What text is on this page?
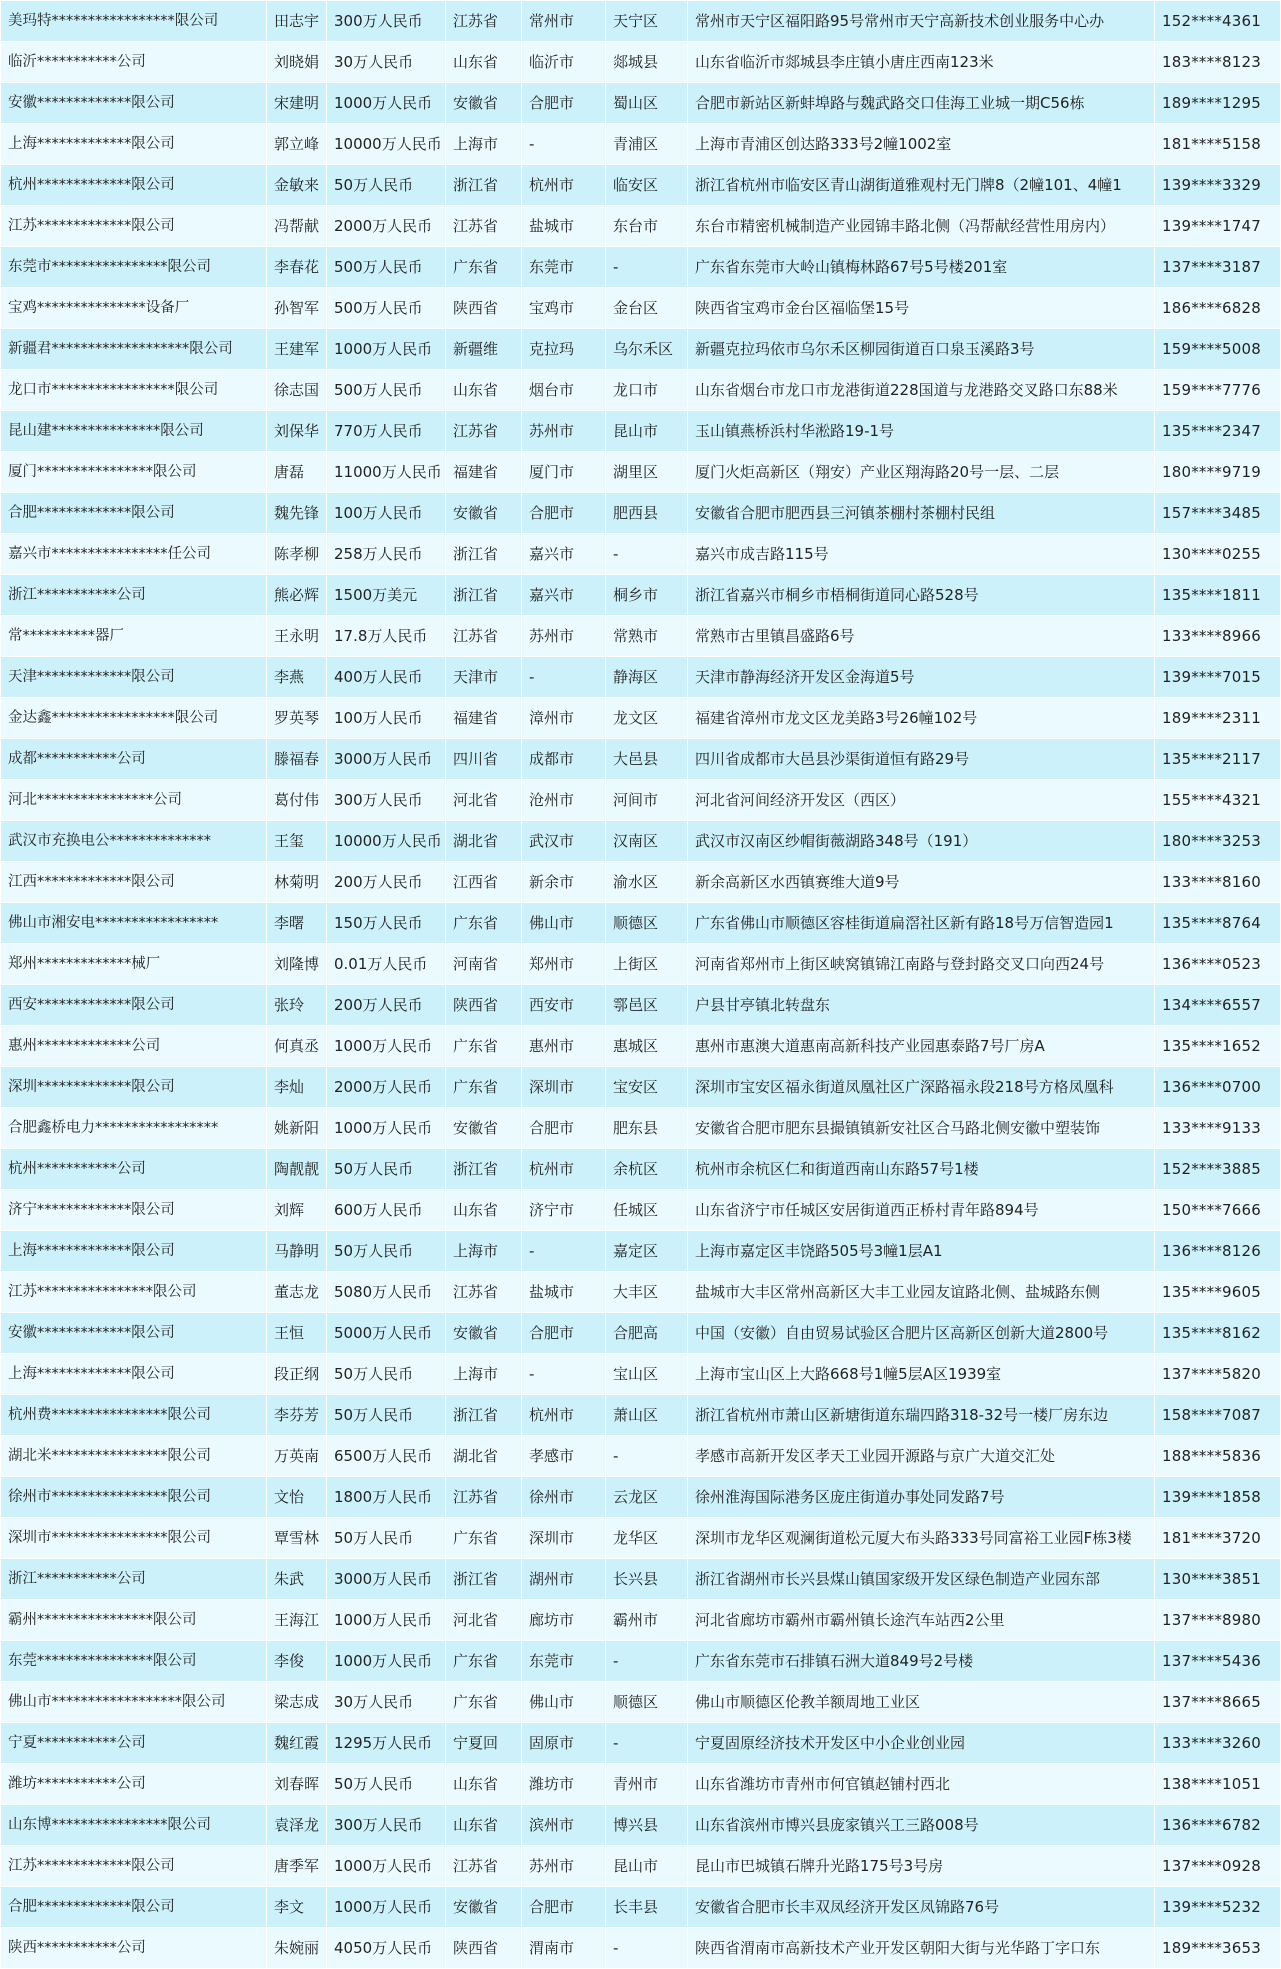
美玛特*****************限公司	田志宇	300万人民币	江苏省	常州市	天宁区	常州市天宁区福阳路95号常州市天宁高新技术创业服务中心办	152****4361
临沂***********公司	刘晓娟	30万人民币	山东省	临沂市	郯城县	山东省临沂市郯城县李庄镇小唐庄西南123米	183****8123
安徽*************限公司	宋建明	1000万人民币	安徽省	合肥市	蜀山区	合肥市新站区新蚌埠路与魏武路交口佳海工业城一期C56栋	189****1295
上海*************限公司	郭立峰	10000万人民币	上海市	-	青浦区	上海市青浦区创达路333号2幢1002室	181****5158
杭州*************限公司	金敏来	50万人民币	浙江省	杭州市	临安区	浙江省杭州市临安区青山湖街道雅观村无门牌8（2幢101、4幢1	139****3329
江苏*************限公司	冯帮献	2000万人民币	江苏省	盐城市	东台市	东台市精密机械制造产业园锦丰路北侧（冯帮献经营性用房内）	139****1747
东莞市****************限公司	李春花	500万人民币	广东省	东莞市	-	广东省东莞市大岭山镇梅林路67号5号楼201室	137****3187
宝鸡***************设备厂	孙智军	500万人民币	陕西省	宝鸡市	金台区	陕西省宝鸡市金台区福临堡15号	186****6828
新疆君*******************限公司	王建军	1000万人民币	新疆维	克拉玛	乌尔禾区	新疆克拉玛依市乌尔禾区柳园街道百口泉玉溪路3号	159****5008
龙口市*****************限公司	徐志国	500万人民币	山东省	烟台市	龙口市	山东省烟台市龙口市龙港街道228国道与龙港路交叉路口东88米	159****7776
昆山建***************限公司	刘保华	770万人民币	江苏省	苏州市	昆山市	玉山镇燕桥浜村华淞路19-1号	135****2347
厦门****************限公司	唐磊	11000万人民币	福建省	厦门市	湖里区	厦门火炬高新区（翔安）产业区翔海路20号一层、二层	180****9719
合肥*************限公司	魏先锋	100万人民币	安徽省	合肥市	肥西县	安徽省合肥市肥西县三河镇茶棚村茶棚村民组	157****3485
嘉兴市****************任公司	陈孝柳	258万人民币	浙江省	嘉兴市	-	嘉兴市成吉路115号	130****0255
浙江***********公司	熊必辉	1500万美元	浙江省	嘉兴市	桐乡市	浙江省嘉兴市桐乡市梧桐街道同心路528号	135****1811
常**********器厂	王永明	17.8万人民币	江苏省	苏州市	常熟市	常熟市古里镇昌盛路6号	133****8966
天津*************限公司	李燕	400万人民币	天津市	-	静海区	天津市静海经济开发区金海道5号	139****7015
金达鑫*****************限公司	罗英琴	100万人民币	福建省	漳州市	龙文区	福建省漳州市龙文区龙美路3号26幢102号	189****2311
成都***********公司	滕福春	3000万人民币	四川省	成都市	大邑县	四川省成都市大邑县沙渠街道恒有路29号	135****2117
河北****************公司	葛付伟	300万人民币	河北省	沧州市	河间市	河北省河间经济开发区（西区）	155****4321
武汉市充换电公**************	王玺	10000万人民币	湖北省	武汉市	汉南区	武汉市汉南区纱帽街薇湖路348号（191）	180****3253
江西*************限公司	林菊明	200万人民币	江西省	新余市	渝水区	新余高新区水西镇赛维大道9号	133****8160
佛山市湘安电*****************	李曙	150万人民币	广东省	佛山市	顺德区	广东省佛山市顺德区容桂街道扁滘社区新有路18号万信智造园1	135****8764
郑州*************械厂	刘隆博	0.01万人民币	河南省	郑州市	上街区	河南省郑州市上街区峡窝镇锦江南路与登封路交叉口向西24号	136****0523
西安*************限公司	张玲	200万人民币	陕西省	西安市	鄠邑区	户县甘亭镇北转盘东	134****6557
惠州*************公司	何真丞	1000万人民币	广东省	惠州市	惠城区	惠州市惠澳大道惠南高新科技产业园惠泰路7号厂房A	135****1652
深圳*************限公司	李灿	2000万人民币	广东省	深圳市	宝安区	深圳市宝安区福永街道凤凰社区广深路福永段218号方格凤凰科	136****0700
合肥鑫桥电力*****************	姚新阳	1000万人民币	安徽省	合肥市	肥东县	安徽省合肥市肥东县撮镇镇新安社区合马路北侧安徽中塑装饰	133****9133
杭州***********公司	陶靓靓	50万人民币	浙江省	杭州市	余杭区	杭州市余杭区仁和街道西南山东路57号1楼	152****3885
济宁*************限公司	刘辉	600万人民币	山东省	济宁市	任城区	山东省济宁市任城区安居街道西正桥村青年路894号	150****7666
上海*************限公司	马静明	50万人民币	上海市	-	嘉定区	上海市嘉定区丰饶路505号3幢1层A1	136****8126
江苏****************限公司	董志龙	5080万人民币	江苏省	盐城市	大丰区	盐城市大丰区常州高新区大丰工业园友谊路北侧、盐城路东侧	135****9605
安徽*************限公司	王恒	5000万人民币	安徽省	合肥市	合肥高	中国（安徽）自由贸易试验区合肥片区高新区创新大道2800号	135****8162
上海*************限公司	段正纲	50万人民币	上海市	-	宝山区	上海市宝山区上大路668号1幢5层A区1939室	137****5820
杭州费****************限公司	李芬芳	50万人民币	浙江省	杭州市	萧山区	浙江省杭州市萧山区新塘街道东瑞四路318-32号一楼厂房东边	158****7087
湖北米****************限公司	万英南	6500万人民币	湖北省	孝感市	-	孝感市高新开发区孝天工业园开源路与京广大道交汇处	188****5836
徐州市****************限公司	文怡	1800万人民币	江苏省	徐州市	云龙区	徐州淮海国际港务区庞庄街道办事处同发路7号	139****1858
深圳市****************限公司	覃雪林	50万人民币	广东省	深圳市	龙华区	深圳市龙华区观澜街道松元厦大布头路333号同富裕工业园F栋3楼	181****3720
浙江***********公司	朱武	3000万人民币	浙江省	湖州市	长兴县	浙江省湖州市长兴县煤山镇国家级开发区绿色制造产业园东部	130****3851
霸州****************限公司	王海江	1000万人民币	河北省	廊坊市	霸州市	河北省廊坊市霸州市霸州镇长途汽车站西2公里	137****8980
东莞****************限公司	李俊	1000万人民币	广东省	东莞市	-	广东省东莞市石排镇石洲大道849号2号楼	137****5436
佛山市******************限公司	梁志成	30万人民币	广东省	佛山市	顺德区	佛山市顺德区伦教羊额周地工业区	137****8665
宁夏***********公司	魏红霞	1295万人民币	宁夏回	固原市	-	宁夏固原经济技术开发区中小企业创业园	133****3260
潍坊***********公司	刘春晖	50万人民币	山东省	潍坊市	青州市	山东省潍坊市青州市何官镇赵铺村西北	138****1051
山东博****************限公司	袁泽龙	300万人民币	山东省	滨州市	博兴县	山东省滨州市博兴县庞家镇兴工三路008号	136****6782
江苏*************限公司	唐季军	1000万人民币	江苏省	苏州市	昆山市	昆山市巴城镇石牌升光路175号3号房	137****0928
合肥*************限公司	李文	1000万人民币	安徽省	合肥市	长丰县	安徽省合肥市长丰双凤经济开发区凤锦路76号	139****5232
陕西***********公司	朱婉丽	4050万人民币	陕西省	渭南市	-	陕西省渭南市高新技术产业开发区朝阳大街与光华路丁字口东	189****3653
